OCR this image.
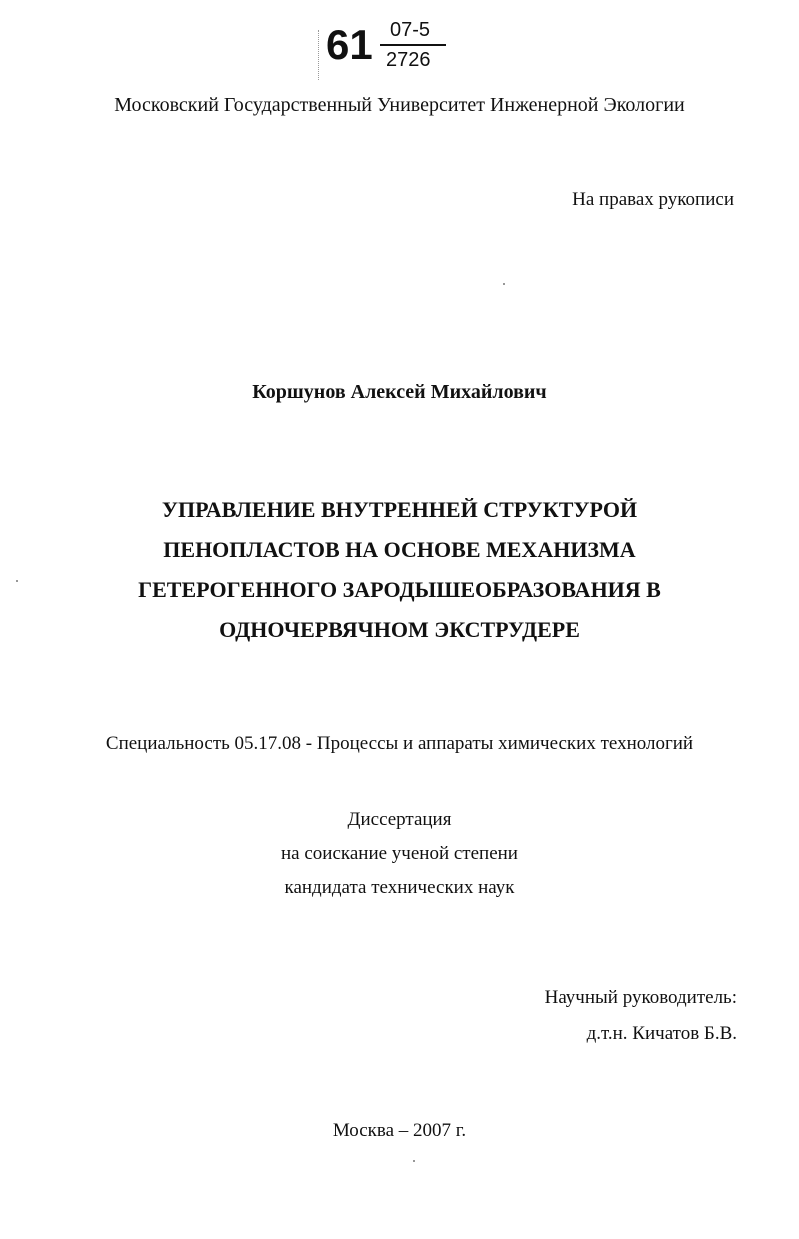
61 07-5
2726
Московский Государственный Университет Инженерной Экологии
На правах рукописи
Коршунов Алексей Михайлович
УПРАВЛЕНИЕ ВНУТРЕННЕЙ СТРУКТУРОЙ
ПЕНОПЛАСТОВ НА ОСНОВЕ МЕХАНИЗМА
ГЕТЕРОГЕННОГО ЗАРОДЫШЕОБРАЗОВАНИЯ В
ОДНОЧЕРВЯЧНОМ ЭКСТРУДЕРЕ
Специальность 05.17.08 - Процессы и аппараты химических технологий
Диссертация
на соискание ученой степени
кандидата технических наук
Научный руководитель:
д.т.н. Кичатов Б.В.
Москва – 2007 г.
